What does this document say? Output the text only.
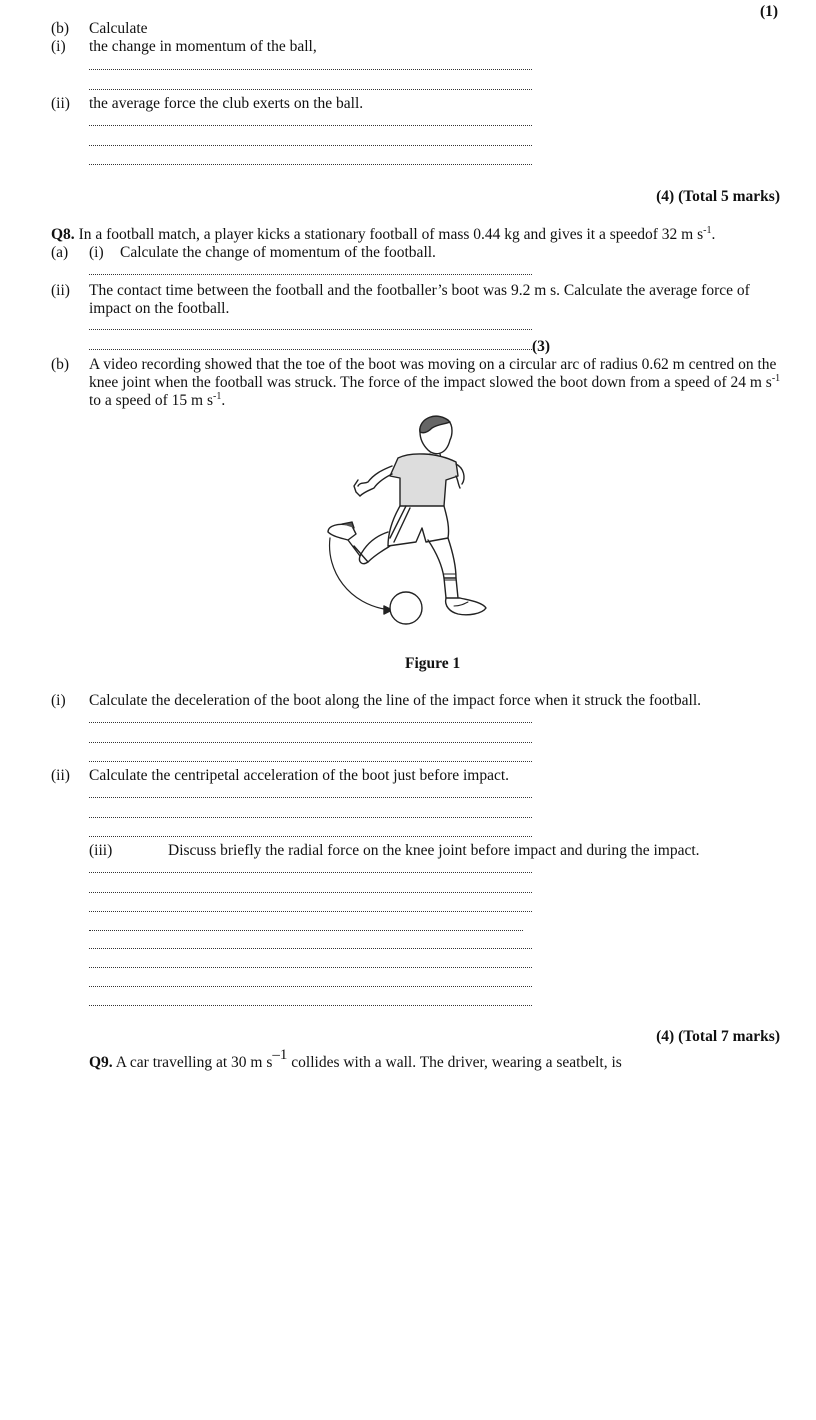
(1)
(b) Calculate
(i) the change in momentum of the ball,
(ii) the average force the club exerts on the ball.
(4) (Total 5 marks)
Q8. In a football match, a player kicks a stationary football of mass 0.44 kg and gives it a speedof 32 m $s^{-1}$.
(a) (i) Calculate the change of momentum of the football.
(ii) The contact time between the football and the footballer’s boot was 9.2 m s. Calculate the average force of impact on the football.
(3)
(b) A video recording showed that the toe of the boot was moving on a circular arc of radius 0.62 m centred on the knee joint when the football was struck. The force of the impact slowed the boot down from a speed of 24 m $s^{-1}$ to a speed of 15 m $s^{-1}$.
Figure 1
(i) Calculate the deceleration of the boot along the line of the impact force when it struck the football.
(ii) Calculate the centripetal acceleration of the boot just before impact.
(iii)	Discuss briefly the radial force on the knee joint before impact and during the impact.
(4) (Total 7 marks)
Q9. A car travelling at 30 m s–1 collides with a wall. The driver, wearing a seatbelt, is
